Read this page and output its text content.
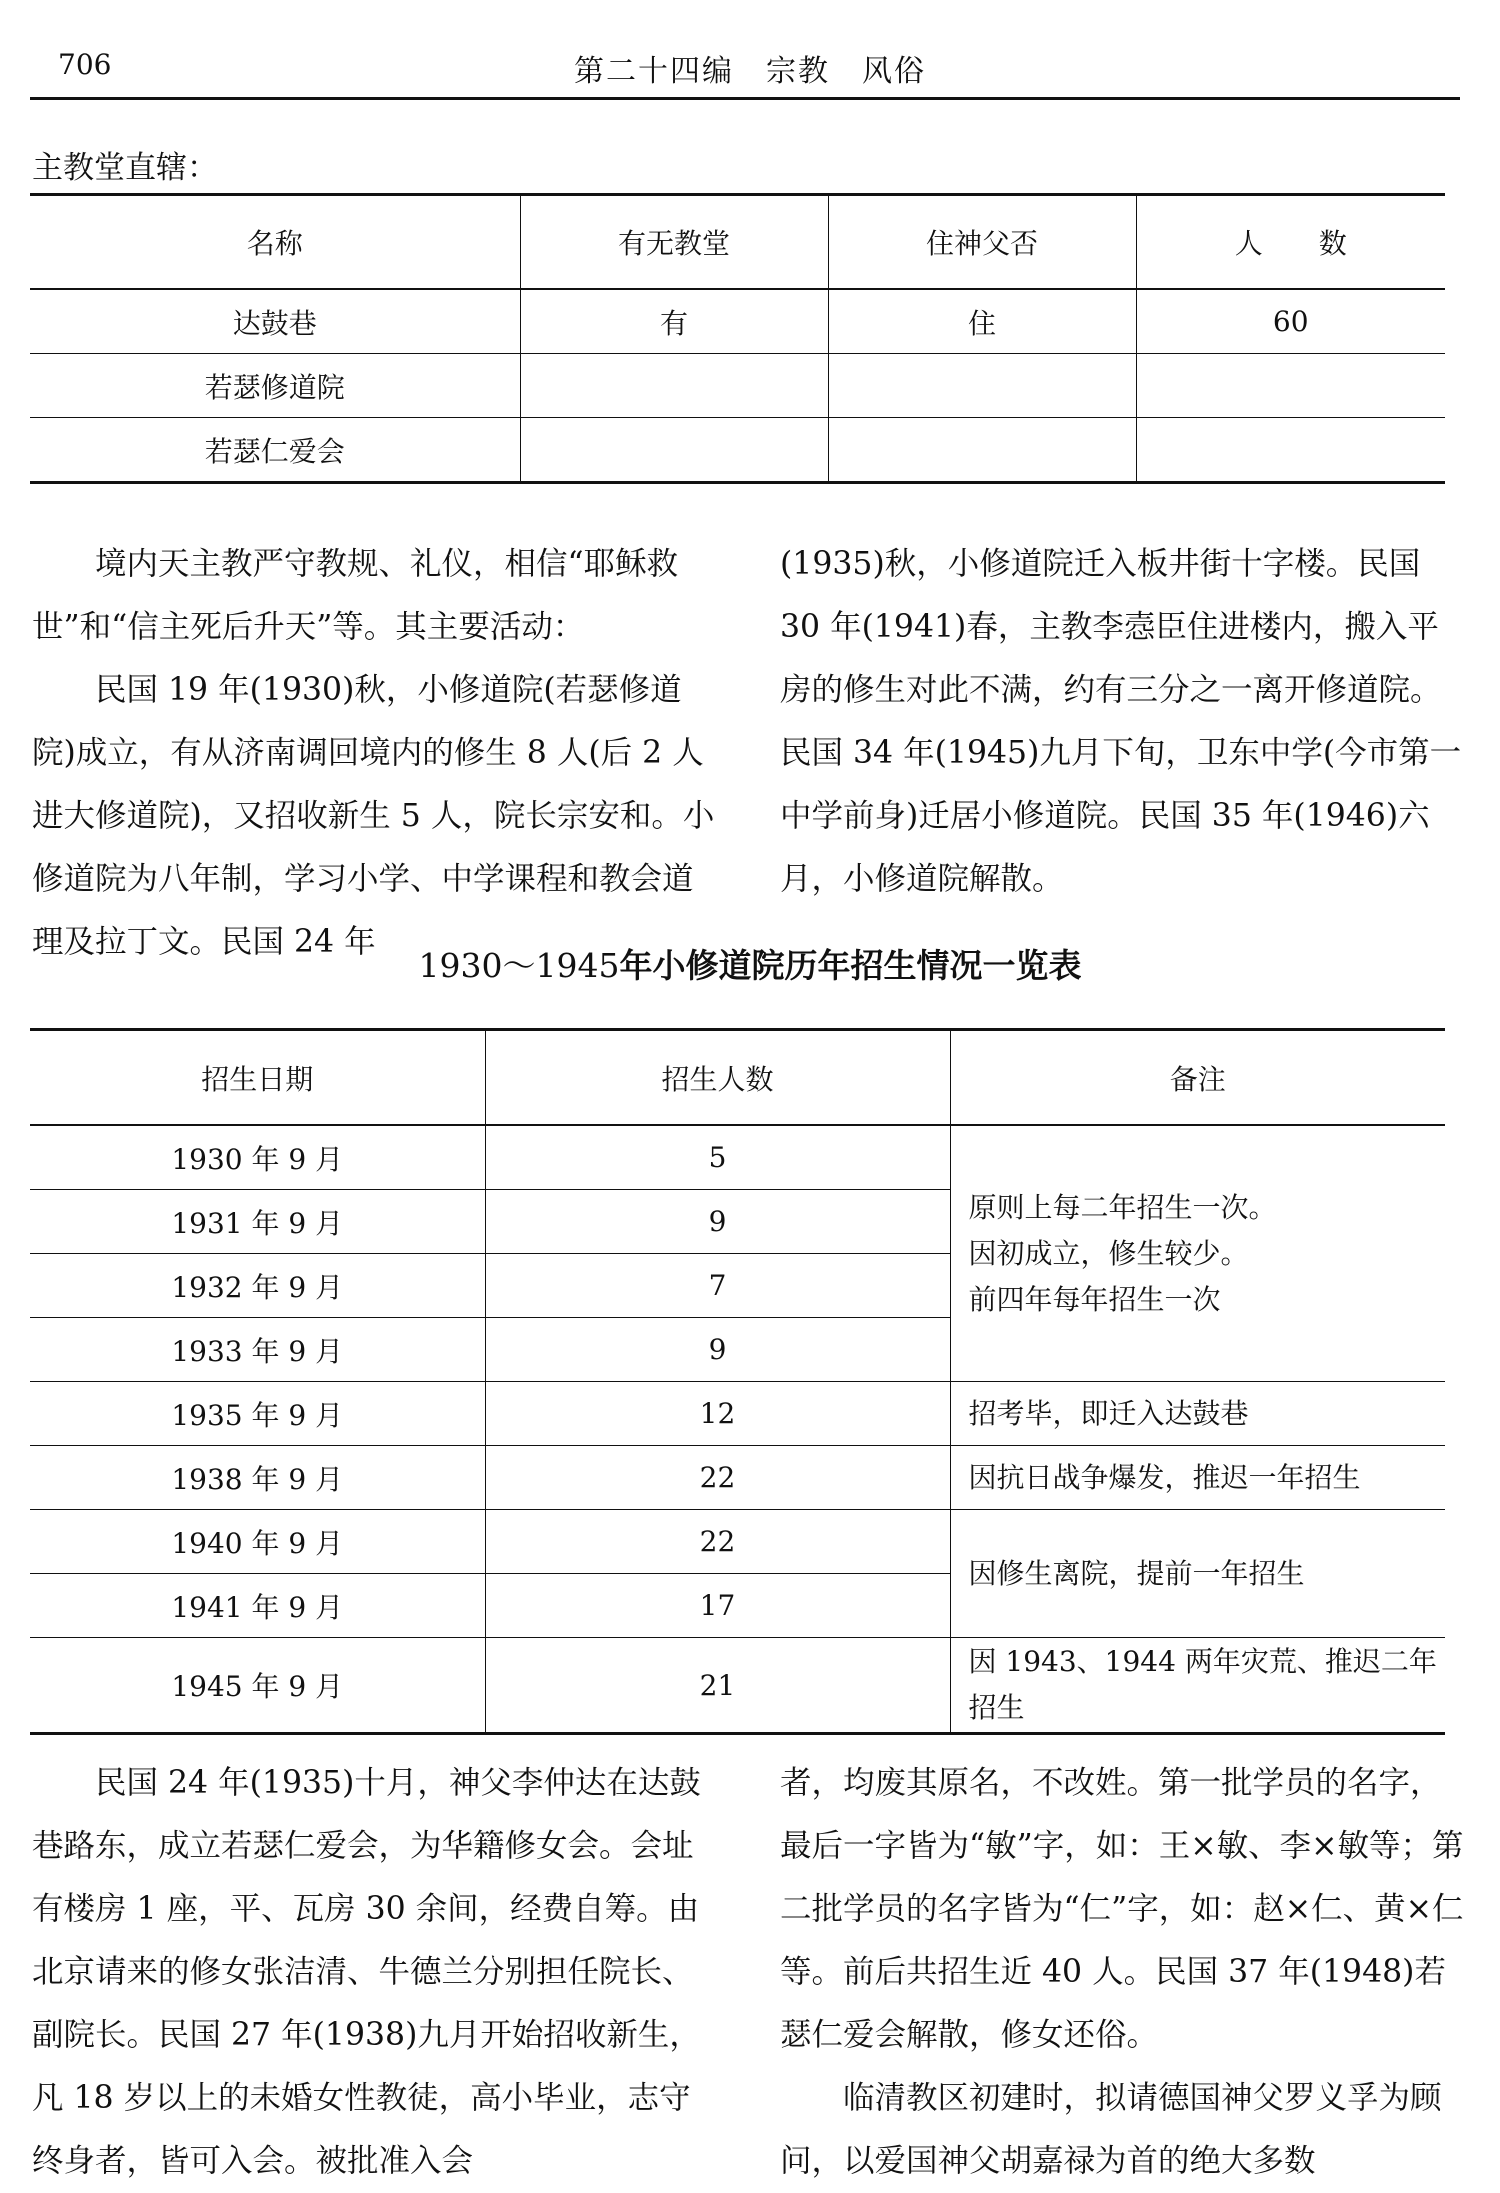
706	第二十四编　宗教　风俗
主教堂直辖：
名称	有无教堂	住神父否	人　　数
达鼓巷	有	住	60
若瑟修道院			
若瑟仁爱会			

境内天主教严守教规、礼仪，相信“耶稣救世”和“信主死后升天”等。其主要活动：

民国 19 年(1930)秋，小修道院(若瑟修道院)成立，有从济南调回境内的修生 8 人(后 2 人进大修道院)，又招收新生 5 人，院长宗安和。小修道院为八年制，学习小学、中学课程和教会道理及拉丁文。民国 24 年

(1935)秋，小修道院迁入板井街十字楼。民国 30 年(1941)春，主教李悫臣住进楼内，搬入平房的修生对此不满，约有三分之一离开修道院。民国 34 年(1945)九月下旬，卫东中学(今市第一中学前身)迁居小修道院。民国 35 年(1946)六月，小修道院解散。

1930～1945年小修道院历年招生情况一览表
招生日期	招生人数	备注
1930 年 9 月	5	原则上每二年招生一次。
因初成立，修生较少。
前四年每年招生一次

1931 年 9 月	9	
1932 年 9 月	7	
1933 年 9 月	9	
1935 年 9 月	12	招考毕，即迁入达鼓巷
1938 年 9 月	22	因抗日战争爆发，推迟一年招生
1940 年 9 月	22	因修生离院，提前一年招生
1941 年 9 月	17	
1945 年 9 月	21	因 1943、1944 两年灾荒、推迟二年
招生

民国 24 年(1935)十月，神父李仲达在达鼓巷路东，成立若瑟仁爱会，为华籍修女会。会址有楼房 1 座，平、瓦房 30 余间，经费自筹。由北京请来的修女张洁清、牛德兰分别担任院长、副院长。民国 27 年(1938)九月开始招收新生，凡 18 岁以上的未婚女性教徒，高小毕业，志守终身者，皆可入会。被批准入会

者，均废其原名，不改姓。第一批学员的名字，最后一字皆为“敏”字，如：王×敏、李×敏等；第二批学员的名字皆为“仁”字，如：赵×仁、黄×仁等。前后共招生近 40 人。民国 37 年(1948)若瑟仁爱会解散，修女还俗。

临清教区初建时，拟请德国神父罗义孚为顾问，以爱国神父胡嘉禄为首的绝大多数
